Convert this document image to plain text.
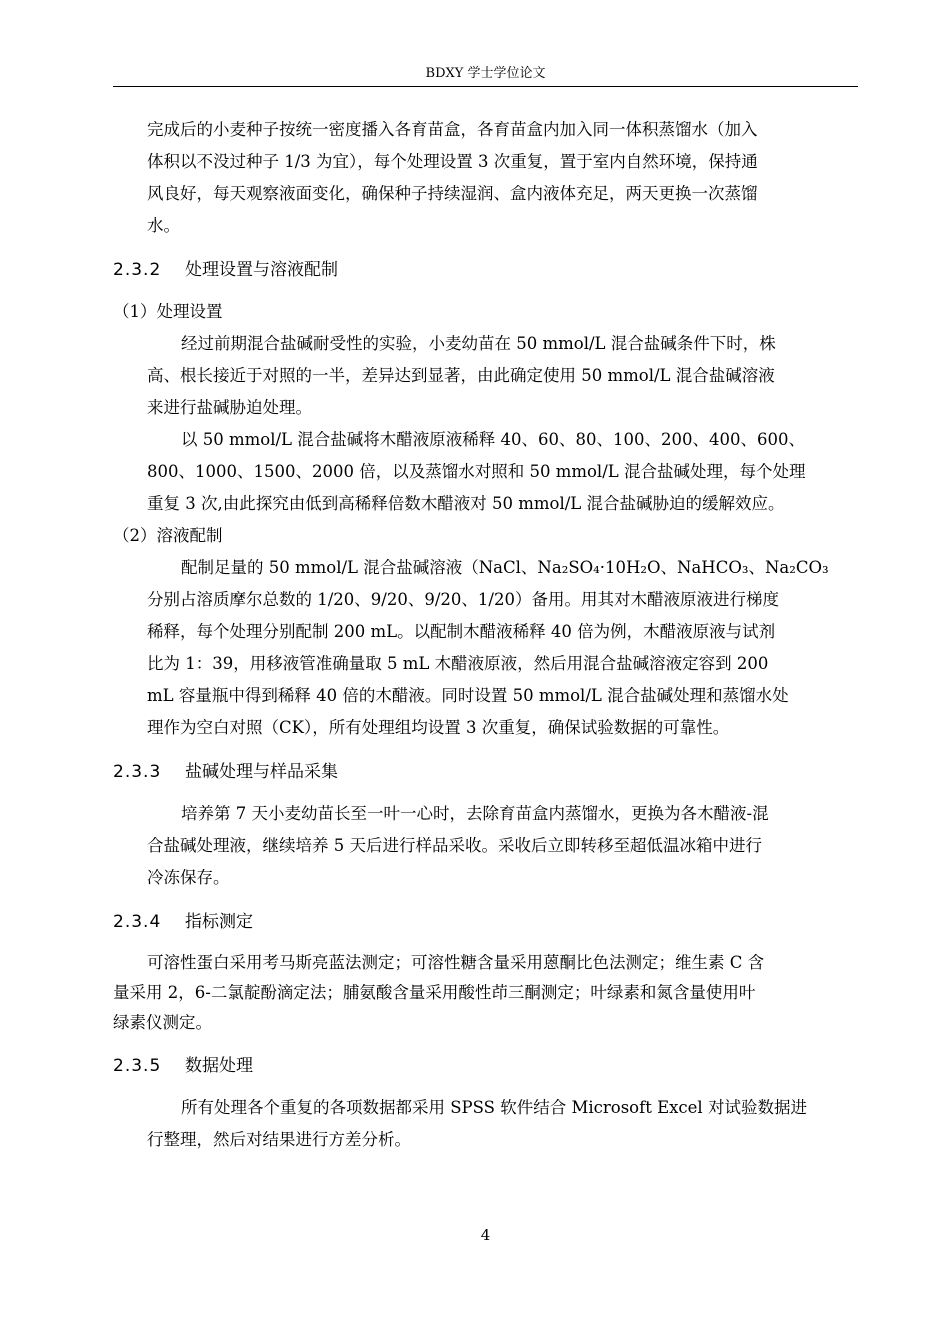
BDXY 学士学位论文

完成后的小麦种子按统一密度播入各育苗盒，各育苗盒内加入同一体积蒸馏水（加入

体积以不没过种子 1/3 为宜），每个处理设置 3 次重复，置于室内自然环境，保持通

风良好，每天观察液面变化，确保种子持续湿润、盒内液体充足，两天更换一次蒸馏

水。

2.3.2 处理设置与溶液配制

（1）处理设置

经过前期混合盐碱耐受性的实验，小麦幼苗在 50 mmol/L 混合盐碱条件下时，株

高、根长接近于对照的一半，差异达到显著，由此确定使用 50 mmol/L 混合盐碱溶液

来进行盐碱胁迫处理。

以 50 mmol/L 混合盐碱将木醋液原液稀释 40、60、80、100、200、400、600、

800、1000、1500、2000 倍，以及蒸馏水对照和 50 mmol/L 混合盐碱处理，每个处理

重复 3 次,由此探究由低到高稀释倍数木醋液对 50 mmol/L 混合盐碱胁迫的缓解效应。

（2）溶液配制

配制足量的 50 mmol/L 混合盐碱溶液（NaCl、Na₂SO₄·10H₂O、NaHCO₃、Na₂CO₃

分别占溶质摩尔总数的 1/20、9/20、9/20、1/20）备用。用其对木醋液原液进行梯度

稀释，每个处理分别配制 200 mL。以配制木醋液稀释 40 倍为例，木醋液原液与试剂

比为 1：39，用移液管准确量取 5 mL 木醋液原液，然后用混合盐碱溶液定容到 200

mL 容量瓶中得到稀释 40 倍的木醋液。同时设置 50 mmol/L 混合盐碱处理和蒸馏水处

理作为空白对照（CK），所有处理组均设置 3 次重复，确保试验数据的可靠性。

2.3.3 盐碱处理与样品采集

培养第 7 天小麦幼苗长至一叶一心时，去除育苗盒内蒸馏水，更换为各木醋液-混

合盐碱处理液，继续培养 5 天后进行样品采收。采收后立即转移至超低温冰箱中进行

冷冻保存。

2.3.4 指标测定

可溶性蛋白采用考马斯亮蓝法测定；可溶性糖含量采用蒽酮比色法测定；维生素 C 含

量采用 2，6-二氯靛酚滴定法；脯氨酸含量采用酸性茚三酮测定；叶绿素和氮含量使用叶

绿素仪测定。

2.3.5 数据处理

所有处理各个重复的各项数据都采用 SPSS 软件结合 Microsoft Excel 对试验数据进

行整理，然后对结果进行方差分析。

4
